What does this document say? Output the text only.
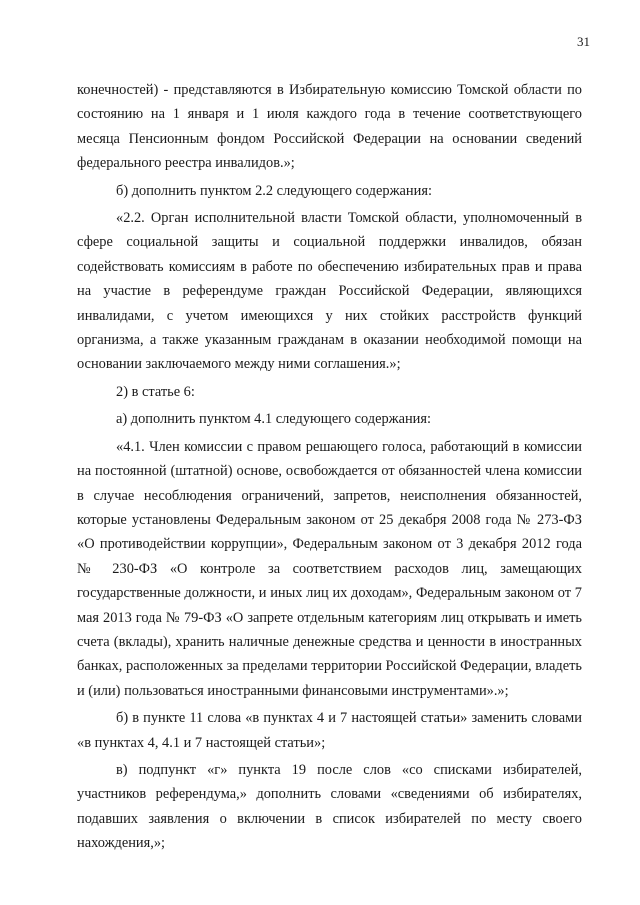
31

конечностей) - представляются в Избирательную комиссию Томской области по состоянию на 1 января и 1 июля каждого года в течение соответствующего месяца Пенсионным фондом Российской Федерации на основании сведений федерального реестра инвалидов.»;

б) дополнить пунктом 2.2 следующего содержания:

«2.2. Орган исполнительной власти Томской области, уполномоченный в сфере социальной защиты и социальной поддержки инвалидов, обязан содействовать комиссиям в работе по обеспечению избирательных прав и права на участие в референдуме граждан Российской Федерации, являющихся инвалидами, с учетом имеющихся у них стойких расстройств функций организма, а также указанным гражданам в оказании необходимой помощи на основании заключаемого между ними соглашения.»;

2) в статье 6:

а) дополнить пунктом 4.1 следующего содержания:

«4.1. Член комиссии с правом решающего голоса, работающий в комиссии на постоянной (штатной) основе, освобождается от обязанностей члена комиссии в случае несоблюдения ограничений, запретов, неисполнения обязанностей, которые установлены Федеральным законом от 25 декабря 2008 года № 273-ФЗ «О противодействии коррупции», Федеральным законом от 3 декабря 2012 года № 230-ФЗ «О контроле за соответствием расходов лиц, замещающих государственные должности, и иных лиц их доходам», Федеральным законом от 7 мая 2013 года № 79-ФЗ «О запрете отдельным категориям лиц открывать и иметь счета (вклады), хранить наличные денежные средства и ценности в иностранных банках, расположенных за пределами территории Российской Федерации, владеть и (или) пользоваться иностранными финансовыми инструментами».»;

б) в пункте 11 слова «в пунктах 4 и 7 настоящей статьи» заменить словами «в пунктах 4, 4.1 и 7 настоящей статьи»;

в) подпункт «г» пункта 19 после слов «со списками избирателей, участников референдума,» дополнить словами «сведениями об избирателях, подавших заявления о включении в список избирателей по месту своего нахождения,»;
